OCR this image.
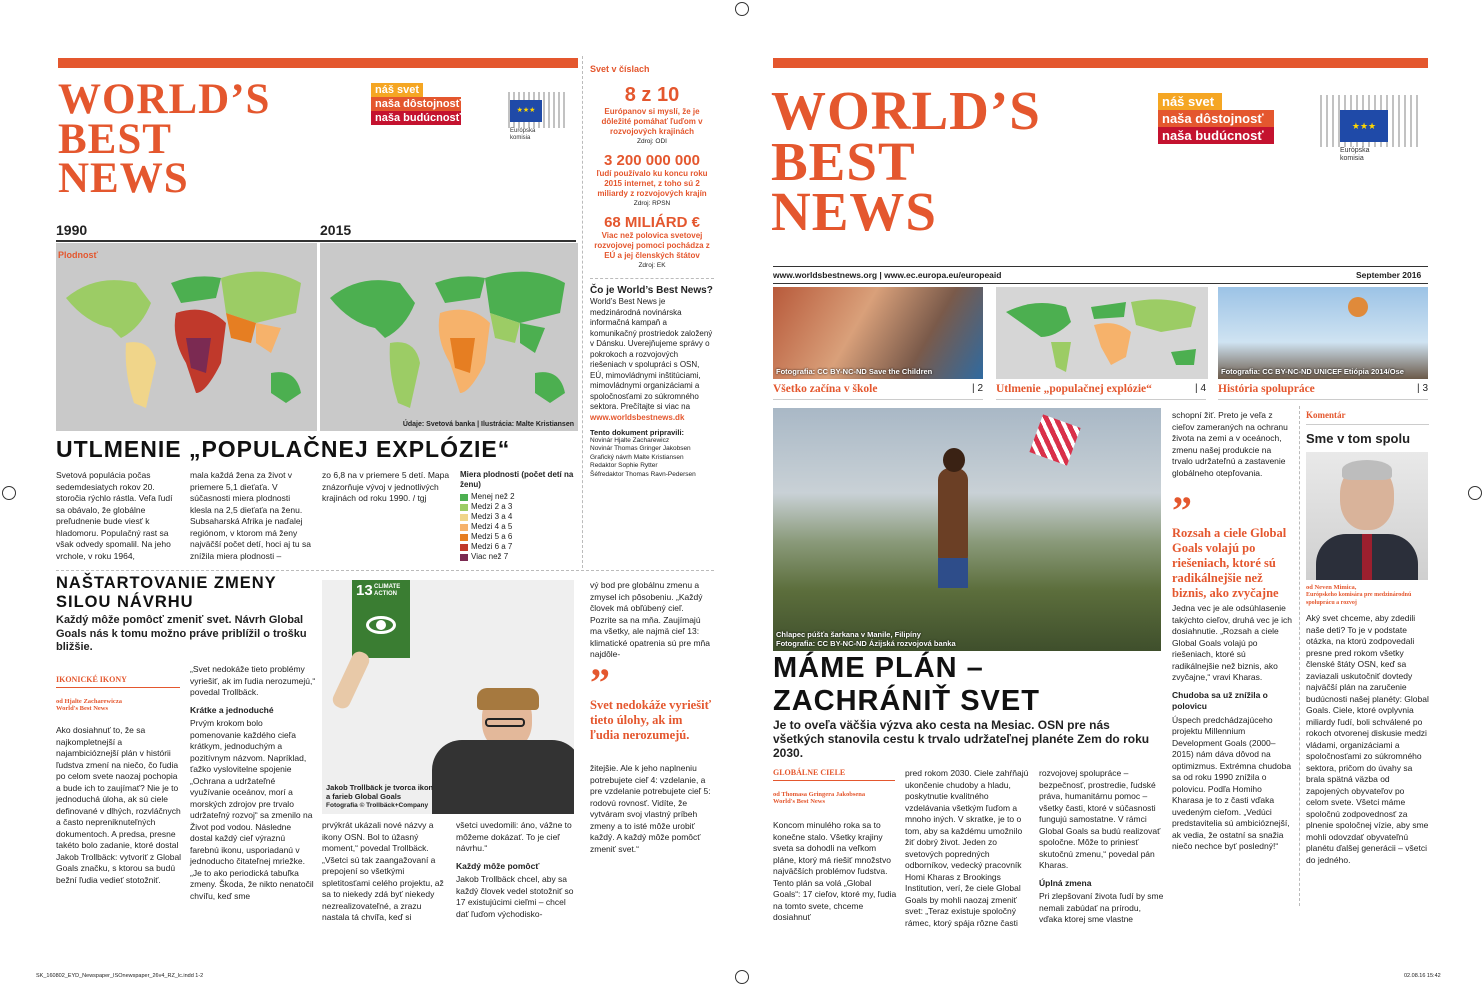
WORLD’S
BEST
NEWS
náš svet
naša dôstojnosť
naša budúcnosť
★★★
Európska
komisia
Svet v číslach
8 z 10
Európanov si myslí, že je dôležité pomáhať ľuďom v rozvojových krajinách
Zdroj: ODI
3 200 000 000
ľudí používalo ku koncu roku 2015 internet, z toho sú 2 miliardy z rozvojových krajín
Zdroj: RPSN
68 MILIÁRD €
Viac než polovica svetovej rozvojovej pomoci pochádza z EÚ a jej členských štátov
Zdroj: EK
Čo je World’s Best News?
World’s Best News je medzinárodná novinárska informačná kampaň a komunikačný prostriedok založený v Dánsku. Uverejňujeme správy o pokrokoch a rozvojových riešeniach v spolupráci s OSN, EÚ, mimovládnymi inštitúciami, mimovládnymi organizáciami a spoločnosťami zo súkromného sektora. Prečítajte si viac na
www.worldsbestnews.dk
Tento dokument pripravili:
Novinár Hjalte Zacharewicz
Novinár Thomas Gringer Jakobsen
Grafický návrh Malte Kristiansen
Redaktor Sophie Rytter
Šéfredaktor Thomas Ravn-Pedersen
1990	2015
Plodnosť
Údaje: Svetová banka | Ilustrácia: Malte Kristiansen
UTLMENIE „POPULAČNEJ EXPLÓZIE“
Svetová populácia počas sedemdesiatych rokov 20. storočia rýchlo rástla. Veľa ľudí sa obávalo, že globálne preľudnenie bude viesť k hladomoru. Populačný rast sa však odvedy spomalil. Na jeho vrchole, v roku 1964,
mala každá žena za život v priemere 5,1 dieťaťa. V súčasnosti miera plodnosti klesla na 2,5 dieťaťa na ženu. Subsaharská Afrika je naďalej regiónom, v ktorom má ženy najväčší počet detí, hoci aj tu sa znížila miera plodnosti –
zo 6,8 na v priemere 5 detí. Mapa znázorňuje vývoj v jednotlivých krajinách od roku 1990. / tgj
Miera plodnosti (počet detí na ženu)
Menej než 2
Medzi 2 a 3
Medzi 3 a 4
Medzi 4 a 5
Medzi 5 a 6
Medzi 6 a 7
Viac než 7
NAŠTARTOVANIE ZMENY
SILOU NÁVRHU
Každý môže pomôcť zmeniť svet. Návrh Global Goals nás k tomu možno práve priblížil o trošku bližšie.
IKONICKÉ IKONY
od Hjalte Zacharewicza
World's Best News
Ako dosiahnuť to, že sa najkompletnejší a najambicióznejší plán v histórii ľudstva zmení na niečo, čo ľudia po celom svete naozaj pochopia a bude ich to zaujímať? Nie je to jednoduchá úloha, ak sú ciele definované v dlhých, rozvláčnych a často nepreniknuteľných dokumentoch. A predsa, presne takéto bolo zadanie, ktoré dostal Jakob Trollbäck: vytvoriť z Global Goals značku, s ktorou sa budú bežní ľudia vedieť stotožniť.

„Svet nedokáže tieto problémy vyriešiť, ak im ľudia nerozumejú,“ povedal Trollbäck.

Krátke a jednoduché

Prvým krokom bolo pomenovanie každého cieľa krátkym, jednoduchým a pozitívnym názvom. Napríklad, ťažko vyslovitelne spojenie „Ochrana a udržateľné využívanie oceánov, morí a morských zdrojov pre trvalo udržateľný rozvoj“ sa zmenilo na Život pod vodou. Následne dostal každý cieľ výraznú farebnú ikonu, usporiadanú v jednoducho čitateľnej mriežke. „Je to ako periodická tabuľka zmeny. Škoda, že nikto nenatočil chvíľu, keď sme

13 CLIMATE ACTION
Jakob Trollbäck je tvorca ikon a farieb Global Goals
Fotografia © Trollbäck+Company
prvýkrát ukázali nové názvy a ikony OSN. Bol to úžasný moment,“ povedal Trollbäck. „Všetci sú tak zaangažovaní a prepojení so všetkými spletitosťami celého projektu, až sa to niekedy zdá byť niekedy nezrealizovateľné, a zrazu nastala tá chvíľa, keď si

všetci uvedomili: áno, vážne to môžeme dokázať. To je cieľ návrhu.“

Každý môže pomôcť

Jakob Trollbäck chcel, aby sa každý človek vedel stotožniť so 17 existujúcimi cieľmi – chcel dať ľuďom východisko-

vý bod pre globálnu zmenu a zmysel ich pôsobeniu. „Každý človek má obľúbený cieľ. Pozrite sa na mňa. Zaujímajú ma všetky, ale najmä cieľ 13: klimatické opatrenia sú pre mňa najdôle-
”
Svet nedokáže vyriešiť tieto úlohy, ak im ľudia nerozumejú.
žitejšie. Ale k jeho naplneniu potrebujete cieľ 4: vzdelanie, a pre vzdelanie potrebujete cieľ 5: rodovú rovnosť. Vidíte, že vytváram svoj vlastný príbeh zmeny a to isté môže urobiť každý. A každý môže pomôcť zmeniť svet.“
WORLD’S
BEST
NEWS
náš svet
naša dôstojnosť
naša budúcnosť
★★★
Európska
komisia
www.worldsbestnews.org | www.ec.europa.eu/europeaid	September 2016
Fotografia: CC BY-NC-ND Save the Children	Fotografia: CC BY-NC-ND UNICEF Etiópia 2014/Ose
Všetko začína v škole	| 2 Utlmenie „populačnej explózie“	| 4 História spolupráce	| 3
Chlapec púšťa šarkana v Manile, Filipíny
Fotografia: CC BY-NC-ND Ázijská rozvojová banka
MÁME PLÁN –
ZACHRÁNIŤ SVET
Je to oveľa väčšia výzva ako cesta na Mesiac. OSN pre nás všetkých stanovila cestu k trvalo udržateľnej planéte Zem do roku 2030.
GLOBÁLNE CIELE
od Thomasa Gringera Jakobsena
World's Best News
Koncom minulého roka sa to konečne stalo. Všetky krajiny sveta sa dohodli na veľkom pláne, ktorý má riešiť množstvo najväčších problémov ľudstva. Tento plán sa volá „Global Goals“: 17 cieľov, ktoré my, ľudia na tomto svete, chceme dosiahnuť
pred rokom 2030. Ciele zahŕňajú ukončenie chudoby a hladu, poskytnutie kvalitného vzdelávania všetkým ľuďom a mnoho iných. V skratke, je to o tom, aby sa každému umožnilo žiť dobrý život. Jeden zo svetových popredných odborníkov, vedecký pracovník Homi Kharas z Brookings Institution, verí, že ciele Global Goals by mohli naozaj zmeniť svet: „Teraz existuje spoločný rámec, ktorý spája rôzne časti

rozvojovej spolupráce – bezpečnosť, prostredie, ľudské práva, humanitárnu pomoc – všetky časti, ktoré v súčasnosti fungujú samostatne. V rámci Global Goals sa budú realizovať spoločne. Môže to priniesť skutočnú zmenu,“ povedal pán Kharas.

Úplná zmena

Pri zlepšovaní života ľudí by sme nemali zabúdať na prírodu, vďaka ktorej sme vlastne

schopní žiť. Preto je veľa z cieľov zameraných na ochranu života na zemi a v oceánoch, zmenu našej produkcie na trvalo udržateľnú a zastavenie globálneho otepľovania.
”
Rozsah a ciele Global Goals volajú po riešeniach, ktoré sú radikálnejšie než biznis, ako zvyčajne

Jedna vec je ale odsúhlasenie takýchto cieľov, druhá vec je ich dosiahnutie. „Rozsah a ciele Global Goals volajú po riešeniach, ktoré sú radikálnejšie než biznis, ako zvyčajne,“ vravi Kharas.

Chudoba sa už znížila o polovicu

Úspech predchádzajúceho projektu Millennium Development Goals (2000–2015) nám dáva dôvod na optimizmus. Extrémna chudoba sa od roku 1990 znížila o polovicu. Podľa Homiho Kharasa je to z časti vďaka uvedeným cieľom. „Vedúci predstavitelia sú ambicióznejší, ak vedia, že ostatní sa snažia niečo nechce byť posledný!“

Komentár
Sme v tom spolu
od Neven Mimica,
Európskeho komisára pre medzinárodnú spoluprácu a rozvoj
Aký svet chceme, aby zdedili naše deti? To je v podstate otázka, na ktorú zodpovedali presne pred rokom všetky členské štáty OSN, keď sa zaviazali uskutočniť dovtedy najväčší plán na zaručenie budúcnosti našej planéty: Global Goals. Ciele, ktoré ovplyvnia miliardy ľudí, boli schválené po rokoch otvorenej diskusie medzi vládami, organizáciami a spoločnosťami zo súkromného sektora, pričom do úvahy sa brala spätná väzba od zapojených obyvateľov po celom svete. Všetci máme spoločnú zodpovednosť za plnenie spoločnej vízie, aby sme mohli odovzdať obyvateľnú planétu ďalšej generácii – všetci do jedného.
SK_160802_EYD_Newspaper_ISOnewspaper_26v4_RZ_lc.indd 1-2	02.08.16 15:42
